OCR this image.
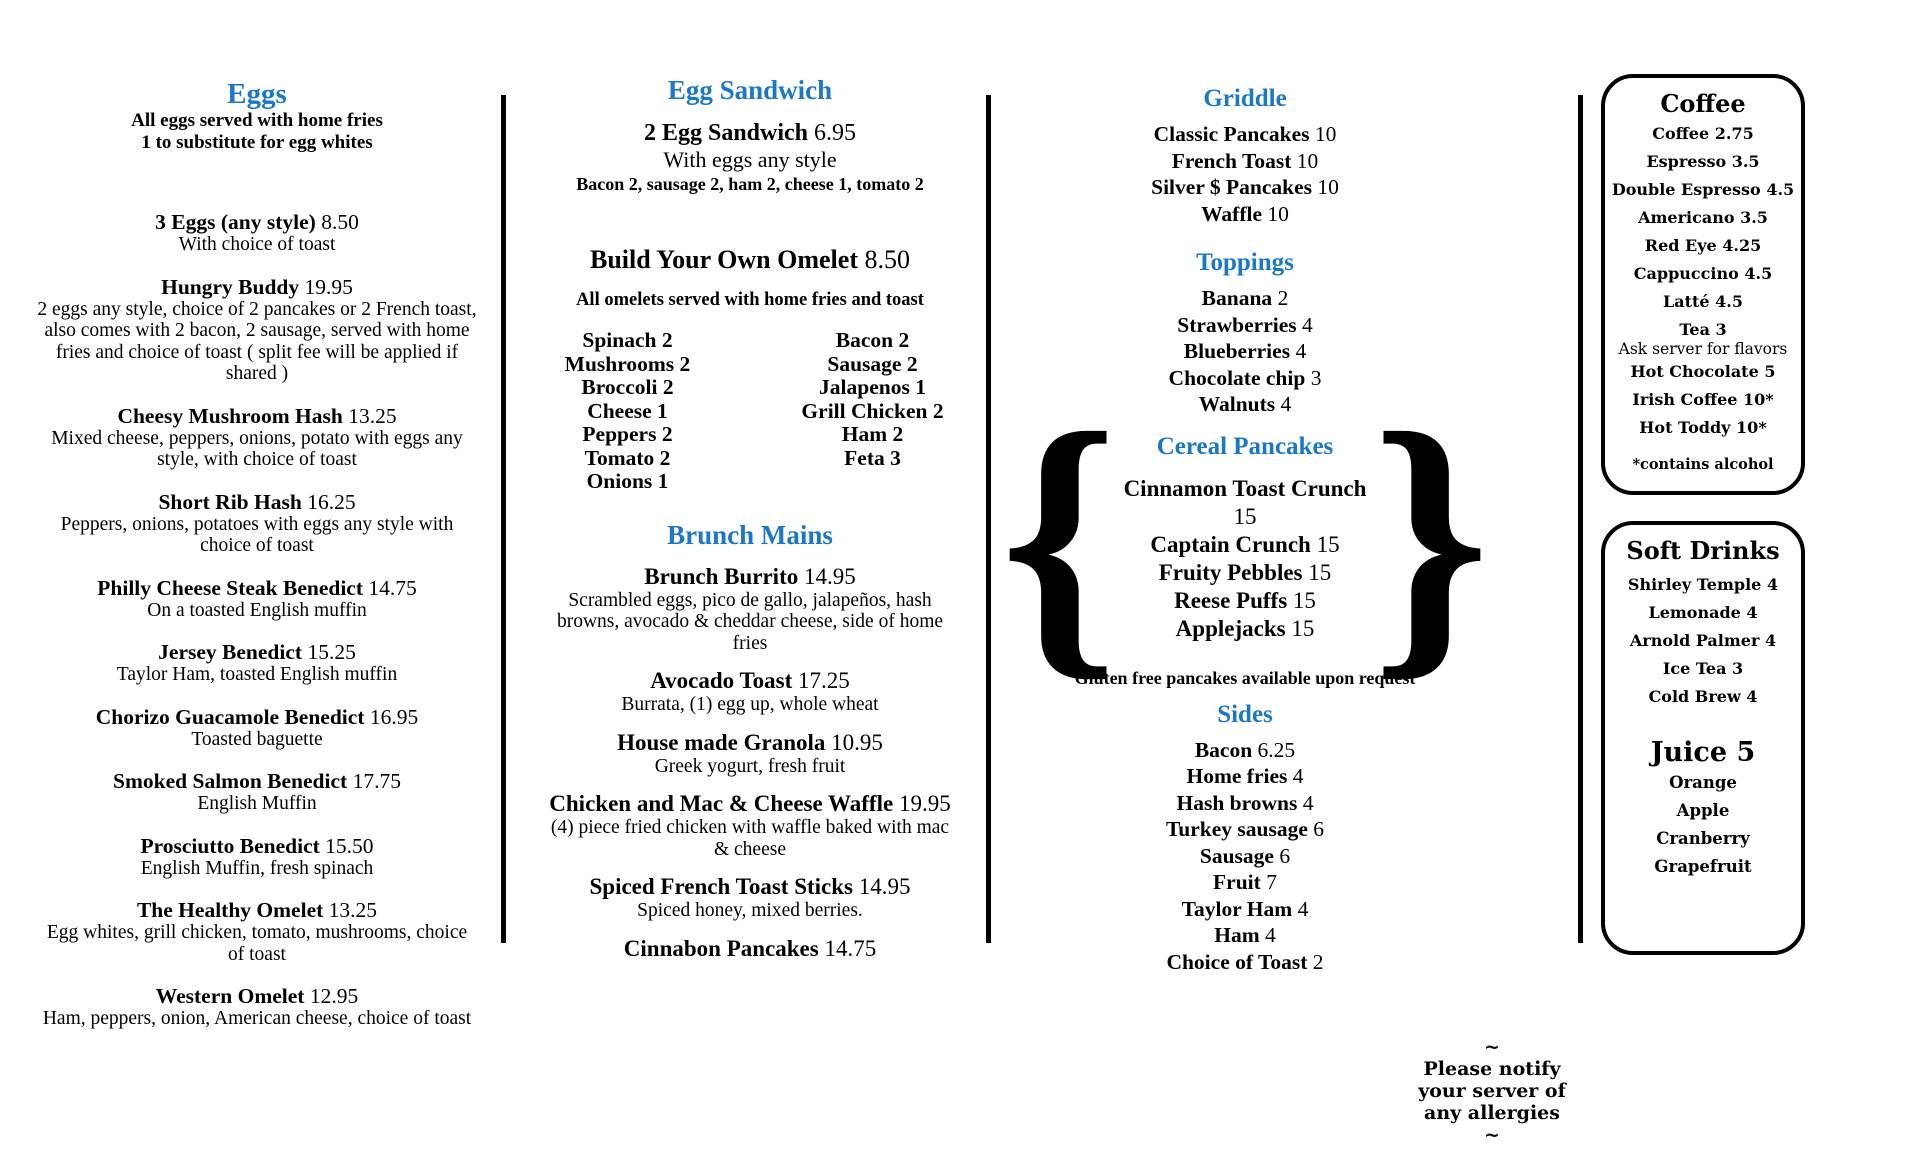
Eggs
All eggs served with home fries
1 to substitute for egg whites
3 Eggs (any style) 8.50
With choice of toast
Hungry Buddy 19.95
2 eggs any style, choice of 2 pancakes or 2 French toast, also comes with 2 bacon, 2 sausage, served with home fries and choice of toast ( split fee will be applied if shared )
Cheesy Mushroom Hash 13.25
Mixed cheese, peppers, onions, potato with eggs any style, with choice of toast
Short Rib Hash 16.25
Peppers, onions, potatoes with eggs any style with choice of toast
Philly Cheese Steak Benedict 14.75
On a toasted English muffin
Jersey Benedict 15.25
Taylor Ham, toasted English muffin
Chorizo Guacamole Benedict 16.95
Toasted baguette
Smoked Salmon Benedict 17.75
English Muffin
Prosciutto Benedict 15.50
English Muffin, fresh spinach
The Healthy Omelet 13.25
Egg whites, grill chicken, tomato, mushrooms, choice of toast
Western Omelet 12.95
Ham, peppers, onion, American cheese, choice of toast
Egg Sandwich
2 Egg Sandwich 6.95
With eggs any style
Bacon 2, sausage 2, ham 2, cheese 1, tomato 2
Build Your Own Omelet 8.50
All omelets served with home fries and toast
Spinach 2
Mushrooms 2
Broccoli 2
Cheese 1
Peppers 2
Tomato 2
Onions 1
Bacon 2
Sausage 2
Jalapenos 1
Grill Chicken 2
Ham 2
Feta 3
Brunch Mains
Brunch Burrito 14.95
Scrambled eggs, pico de gallo, jalapeños, hash browns, avocado & cheddar cheese, side of home fries
Avocado Toast 17.25
Burrata, (1) egg up, whole wheat
House made Granola 10.95
Greek yogurt, fresh fruit
Chicken and Mac & Cheese Waffle 19.95
(4) piece fried chicken with waffle baked with mac & cheese
Spiced French Toast Sticks 14.95
Spiced honey, mixed berries.
Cinnabon Pancakes 14.75
Griddle
Classic Pancakes 10
French Toast 10
Silver $ Pancakes 10
Waffle 10
Toppings
Banana 2
Strawberries 4
Blueberries 4
Chocolate chip 3
Walnuts 4
{	Cereal Pancakes
Cinnamon Toast Crunch 15
Captain Crunch 15
Fruity Pebbles 15
Reese Puffs 15
Applejacks 15 }
Gluten free pancakes available upon request
Sides
Bacon 6.25
Home fries 4
Hash browns 4
Turkey sausage 6
Sausage 6
Fruit 7
Taylor Ham 4
Ham 4
Choice of Toast 2
Coffee
Coffee 2.75
Espresso 3.5
Double Espresso 4.5
Americano 3.5
Red Eye 4.25
Cappuccino 4.5
Latté 4.5
Tea 3
Ask server for flavors
Hot Chocolate 5
Irish Coffee 10*
Hot Toddy 10*
*contains alcohol
Soft Drinks
Shirley Temple 4
Lemonade 4
Arnold Palmer 4
Ice Tea 3
Cold Brew 4
Juice 5
Orange
Apple
Cranberry
Grapefruit
~
Please notify
your server of
any allergies
~
